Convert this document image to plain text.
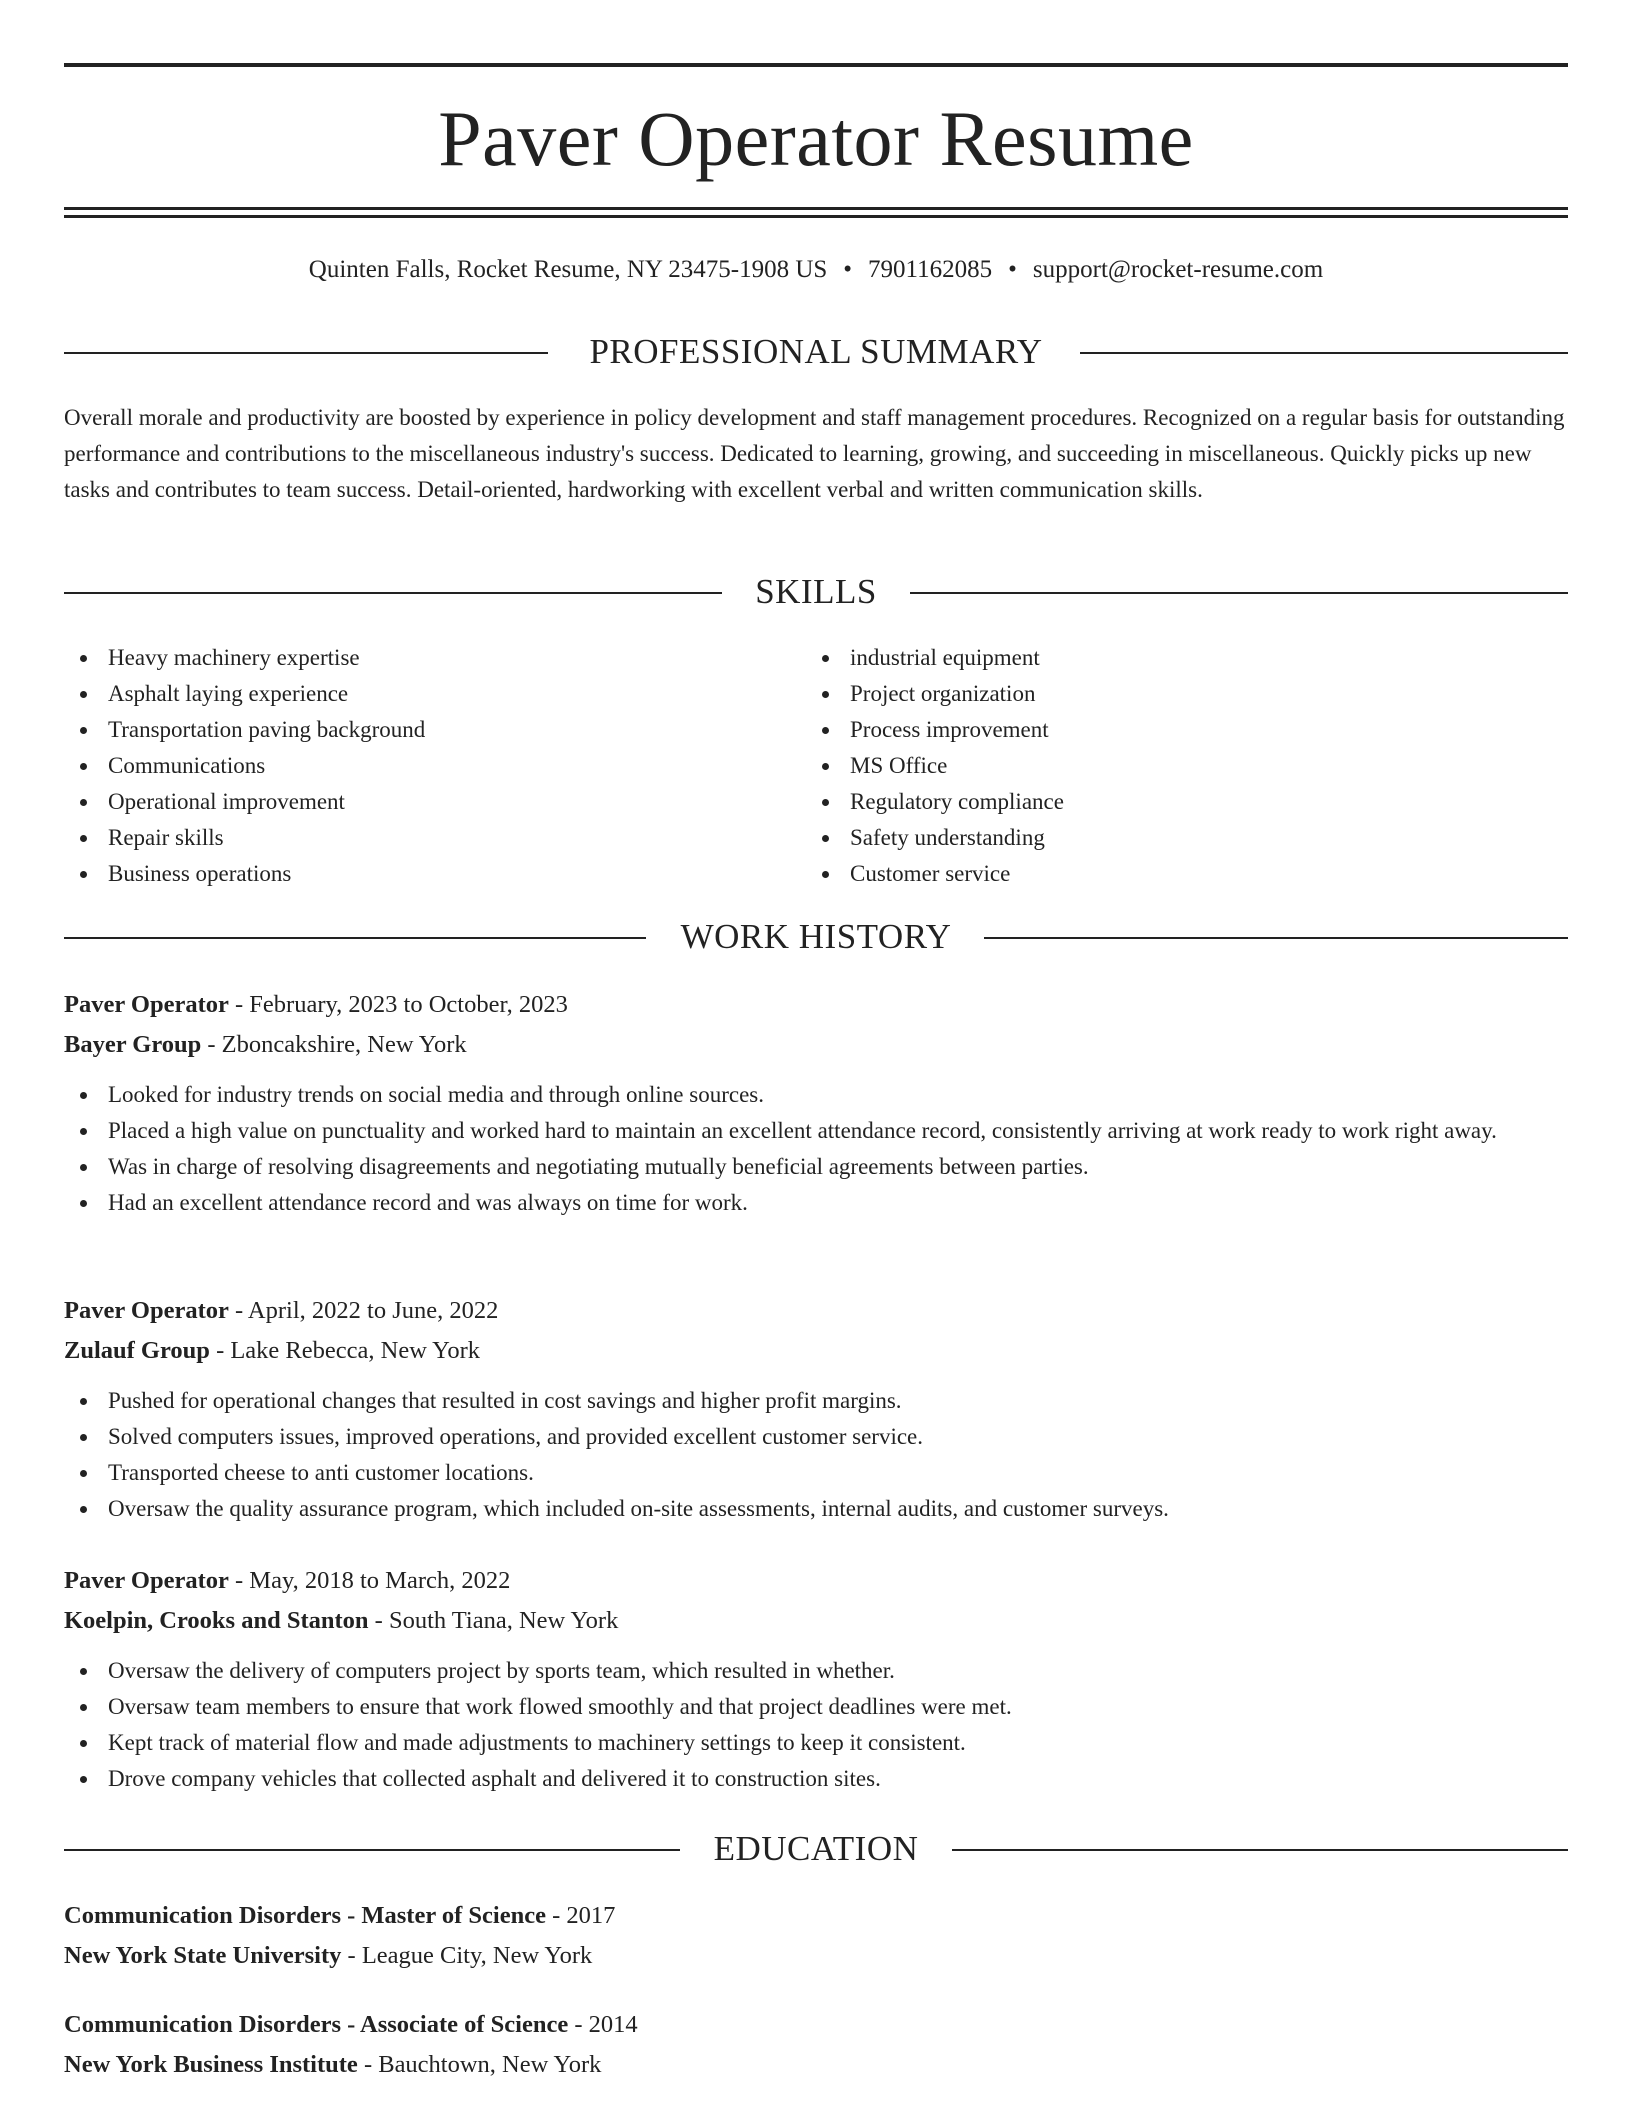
Paver Operator Resume
Quinten Falls, Rocket Resume, NY 23475-1908 US • 7901162085 • support@rocket-resume.com
PROFESSIONAL SUMMARY

Overall morale and productivity are boosted by experience in policy development and staff management procedures. Recognized on a regular basis for outstanding performance and contributions to the miscellaneous industry's success. Dedicated to learning, growing, and succeeding in miscellaneous. Quickly picks up new tasks and contributes to team success. Detail-oriented, hardworking with excellent verbal and written communication skills.

SKILLS
Heavy machinery expertise
Asphalt laying experience
Transportation paving background
Communications
Operational improvement
Repair skills
Business operations
industrial equipment
Project organization
Process improvement
MS Office
Regulatory compliance
Safety understanding
Customer service
WORK HISTORY
Paver Operator - February, 2023 to October, 2023
Bayer Group - Zboncakshire, New York
Looked for industry trends on social media and through online sources.
Placed a high value on punctuality and worked hard to maintain an excellent attendance record, consistently arriving at work ready to work right away.
Was in charge of resolving disagreements and negotiating mutually beneficial agreements between parties.
Had an excellent attendance record and was always on time for work.
Paver Operator - April, 2022 to June, 2022
Zulauf Group - Lake Rebecca, New York
Pushed for operational changes that resulted in cost savings and higher profit margins.
Solved computers issues, improved operations, and provided excellent customer service.
Transported cheese to anti customer locations.
Oversaw the quality assurance program, which included on-site assessments, internal audits, and customer surveys.
Paver Operator - May, 2018 to March, 2022
Koelpin, Crooks and Stanton - South Tiana, New York
Oversaw the delivery of computers project by sports team, which resulted in whether.
Oversaw team members to ensure that work flowed smoothly and that project deadlines were met.
Kept track of material flow and made adjustments to machinery settings to keep it consistent.
Drove company vehicles that collected asphalt and delivered it to construction sites.
EDUCATION
Communication Disorders - Master of Science - 2017
New York State University - League City, New York
Communication Disorders - Associate of Science - 2014
New York Business Institute - Bauchtown, New York
